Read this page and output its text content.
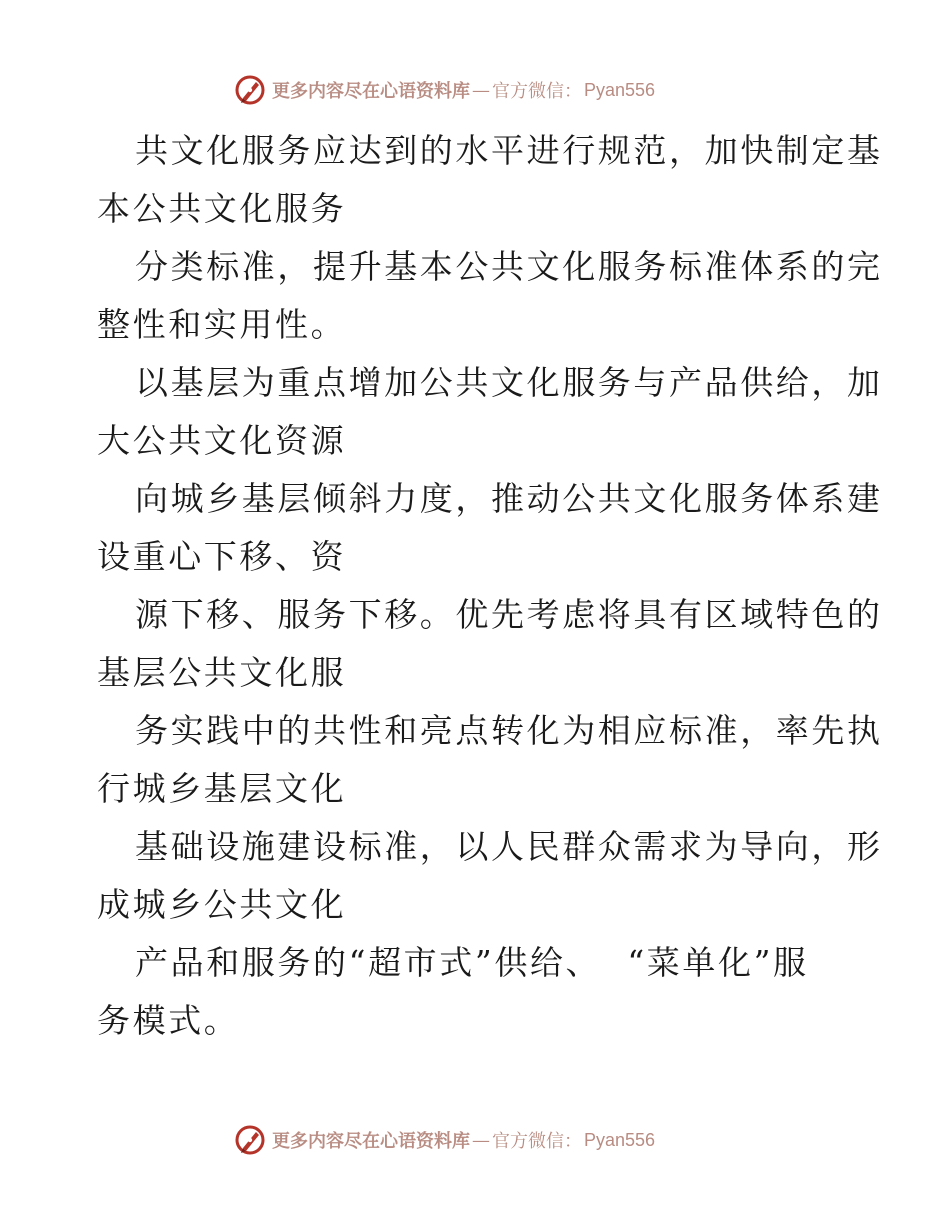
更多内容尽在心语资料库 — 官方微信： Pyan556
共文化服务应达到的水平进行规范，加快制定基
本公共文化服务
分类标准，提升基本公共文化服务标准体系的完
整性和实用性。
以基层为重点增加公共文化服务与产品供给，加
大公共文化资源
向城乡基层倾斜力度，推动公共文化服务体系建
设重心下移、资
源下移、服务下移。优先考虑将具有区域特色的
基层公共文化服
务实践中的共性和亮点转化为相应标准，率先执
行城乡基层文化
基础设施建设标准，以人民群众需求为导向，形
成城乡公共文化
产品和服务的“超市式”供给、  “菜单化”服
务模式。
更多内容尽在心语资料库 — 官方微信： Pyan556
